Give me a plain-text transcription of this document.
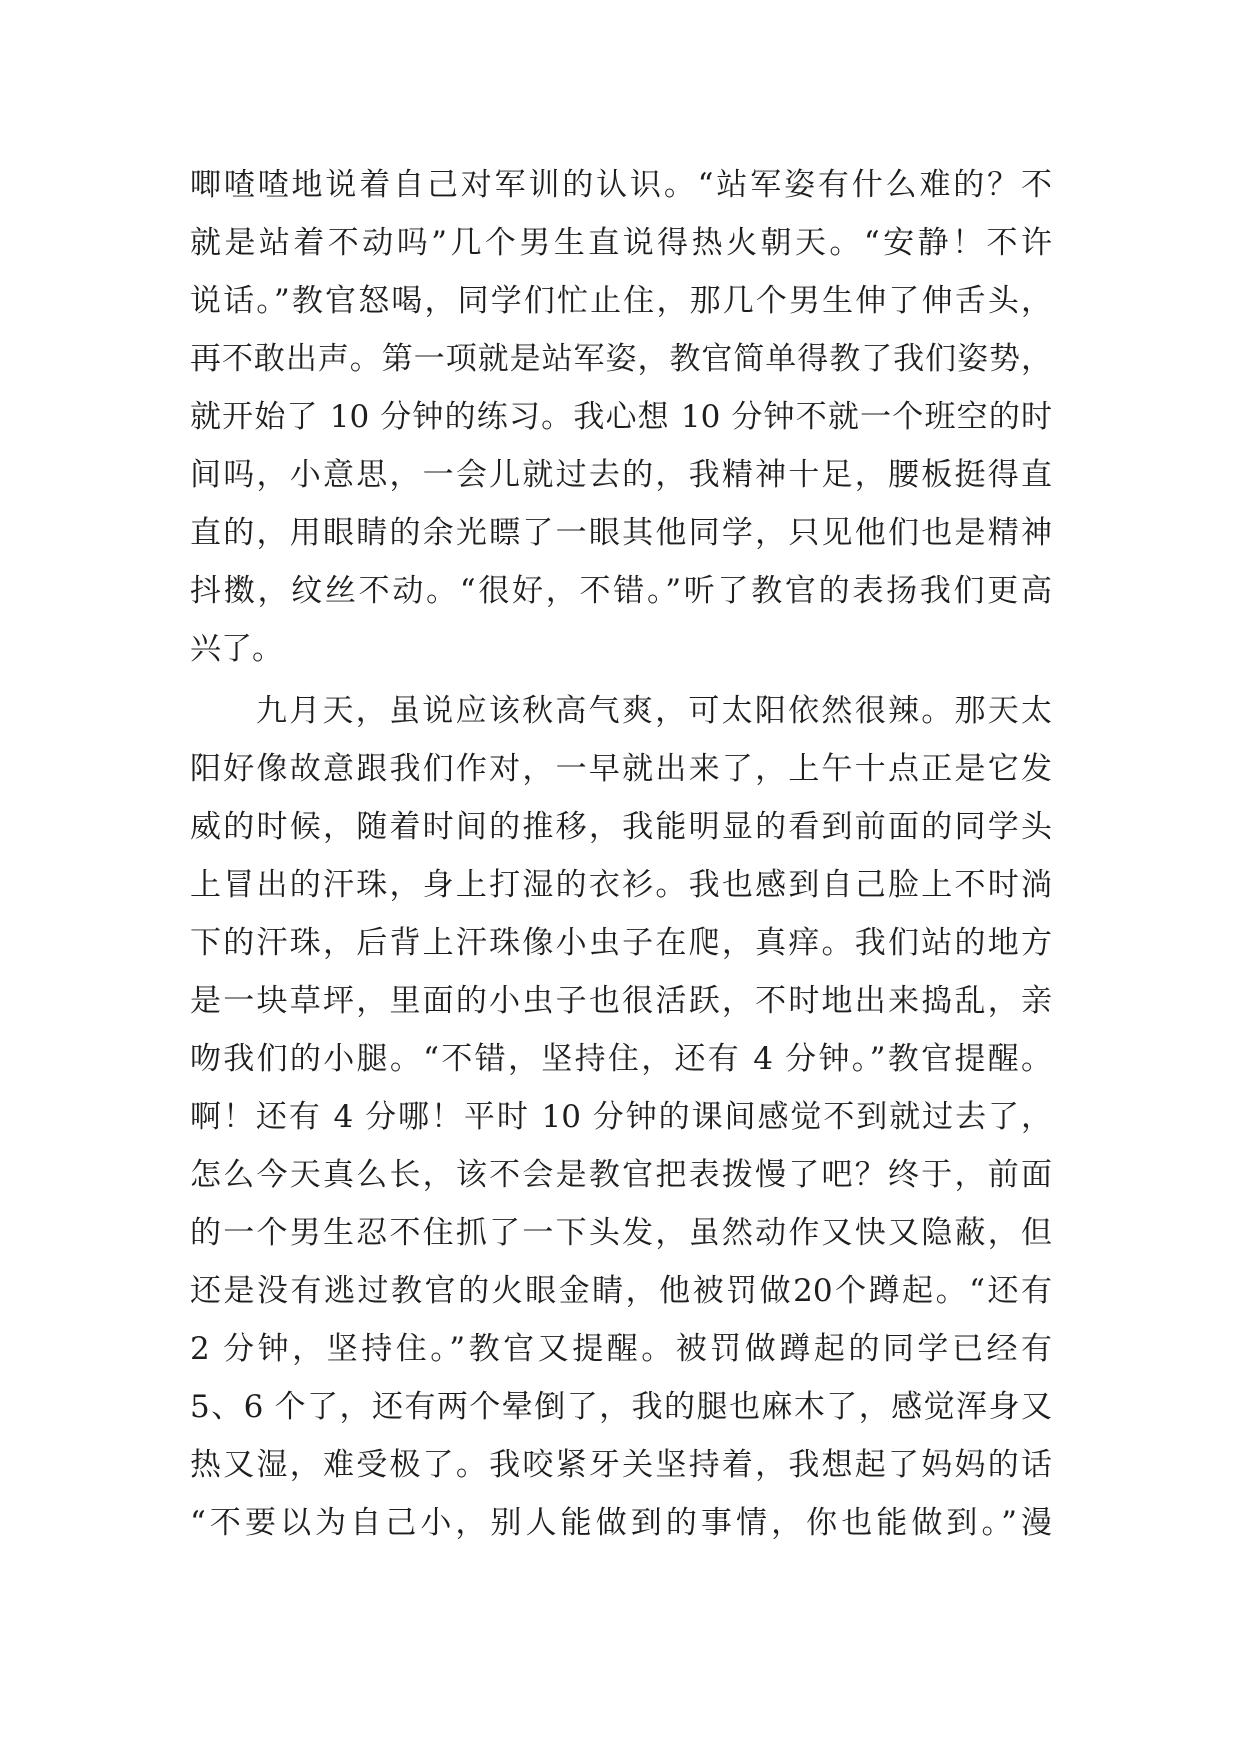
唧喳喳地说着自己对军训的认识。“站军姿有什么难的？不
就是站着不动吗”几个男生直说得热火朝天。“安静！不许
说话。”教官怒喝，同学们忙止住，那几个男生伸了伸舌头，
再不敢出声。第一项就是站军姿，教官简单得教了我们姿势，
就开始了 10 分钟的练习。我心想 10 分钟不就一个班空的时
间吗，小意思，一会儿就过去的，我精神十足，腰板挺得直
直的，用眼睛的余光瞟了一眼其他同学，只见他们也是精神
抖擞，纹丝不动。“很好，不错。”听了教官的表扬我们更高
兴了。
九月天，虽说应该秋高气爽，可太阳依然很辣。那天太
阳好像故意跟我们作对，一早就出来了，上午十点正是它发
威的时候，随着时间的推移，我能明显的看到前面的同学头
上冒出的汗珠，身上打湿的衣衫。我也感到自己脸上不时淌
下的汗珠，后背上汗珠像小虫子在爬，真痒。我们站的地方
是一块草坪，里面的小虫子也很活跃，不时地出来捣乱，亲
吻我们的小腿。“不错，坚持住，还有 4 分钟。”教官提醒。
啊！还有 4 分哪！平时 10 分钟的课间感觉不到就过去了，
怎么今天真么长，该不会是教官把表拨慢了吧？终于，前面
的一个男生忍不住抓了一下头发，虽然动作又快又隐蔽，但
还是没有逃过教官的火眼金睛，他被罚做20个蹲起。“还有
2 分钟，坚持住。”教官又提醒。被罚做蹲起的同学已经有
5、6 个了，还有两个晕倒了，我的腿也麻木了，感觉浑身又
热又湿，难受极了。我咬紧牙关坚持着，我想起了妈妈的话
“不要以为自己小，别人能做到的事情，你也能做到。”漫
